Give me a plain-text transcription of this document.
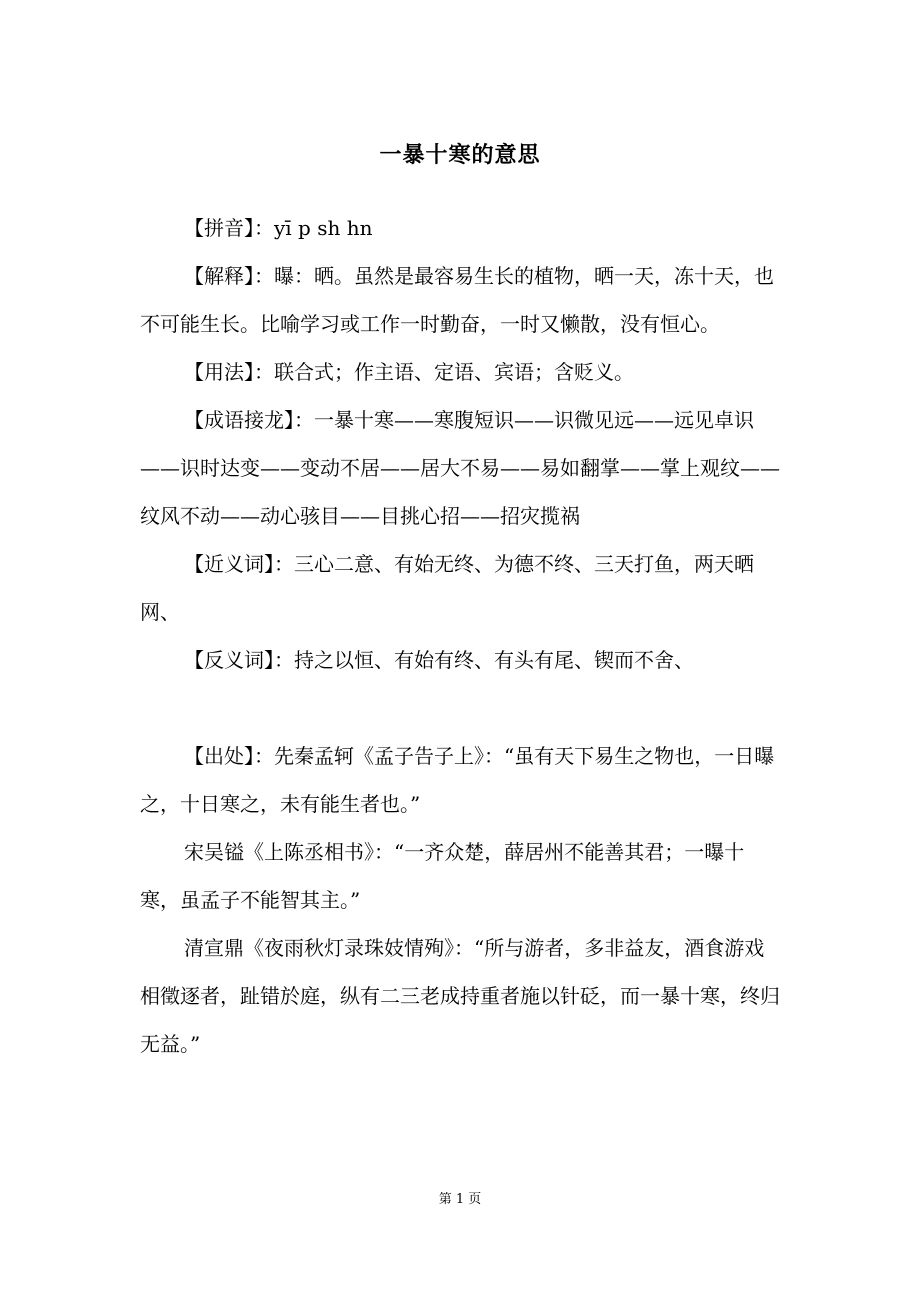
一暴十寒的意思

【拼音】：yī p sh hn

【解释】：曝：晒。虽然是最容易生长的植物，晒一天，冻十天，也不可能生长。比喻学习或工作一时勤奋，一时又懒散，没有恒心。

【用法】：联合式；作主语、定语、宾语；含贬义。

【成语接龙】：一暴十寒——寒腹短识——识微见远——远见卓识——识时达变——变动不居——居大不易——易如翻掌——掌上观纹——纹风不动——动心骇目——目挑心招——招灾揽祸

【近义词】：三心二意、有始无终、为德不终、三天打鱼，两天晒网、

【反义词】：持之以恒、有始有终、有头有尾、锲而不舍、

【出处】：先秦孟轲《孟子告子上》：“虽有天下易生之物也，一日曝之，十日寒之，未有能生者也。”

宋吴镒《上陈丞相书》：“一齐众楚，薛居州不能善其君；一曝十寒，虽孟子不能智其主。”

清宣鼎《夜雨秋灯录珠妓情殉》：“所与游者，多非益友，酒食游戏相徵逐者，趾错於庭，纵有二三老成持重者施以针砭，而一暴十寒，终归无益。”

第 1 页
